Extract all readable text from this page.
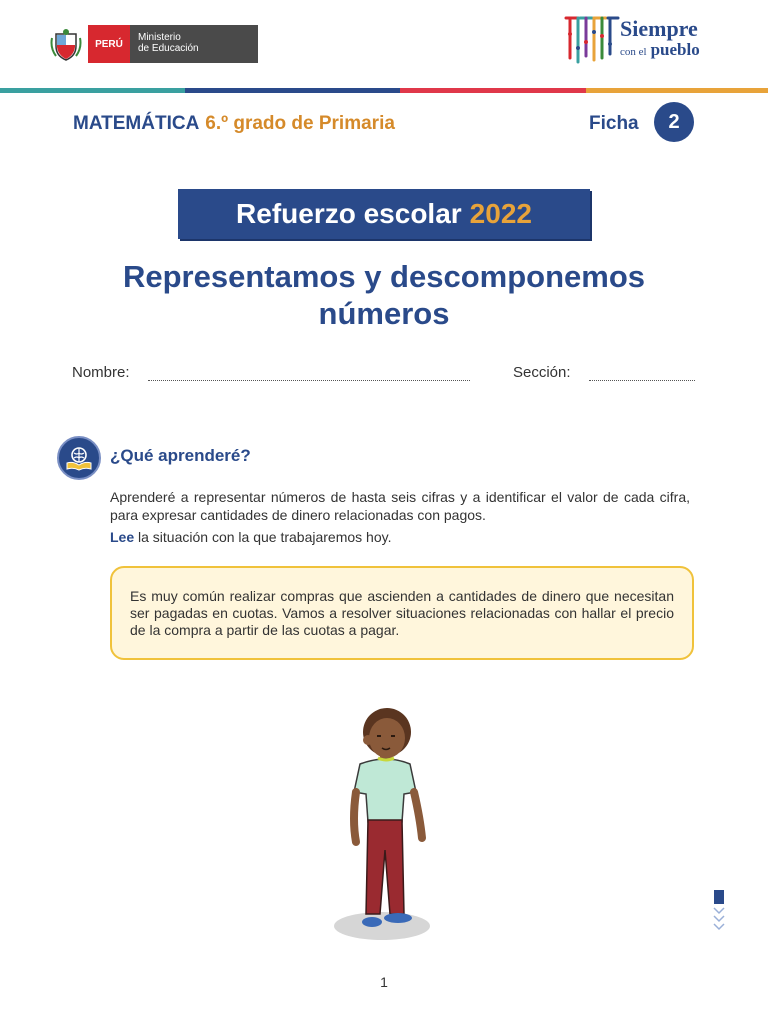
PERÚ
Ministerio
de Educación
Siempre
con el pueblo
MATEMÁTICA 6.º grado de Primaria	Ficha	2
Refuerzo escolar 2022
Representamos y descomponemos
números
Nombre:	Sección:
¿Qué aprenderé?
Aprenderé a representar números de hasta seis cifras y a identificar el valor de cada cifra, para expresar cantidades de dinero relacionadas con pagos.
Lee la situación con la que trabajaremos hoy.
Es muy común realizar compras que ascienden a cantidades de dinero que necesitan ser pagadas en cuotas. Vamos a resolver situaciones relacionadas con hallar el precio de la compra a partir de las cuotas a pagar.
1
